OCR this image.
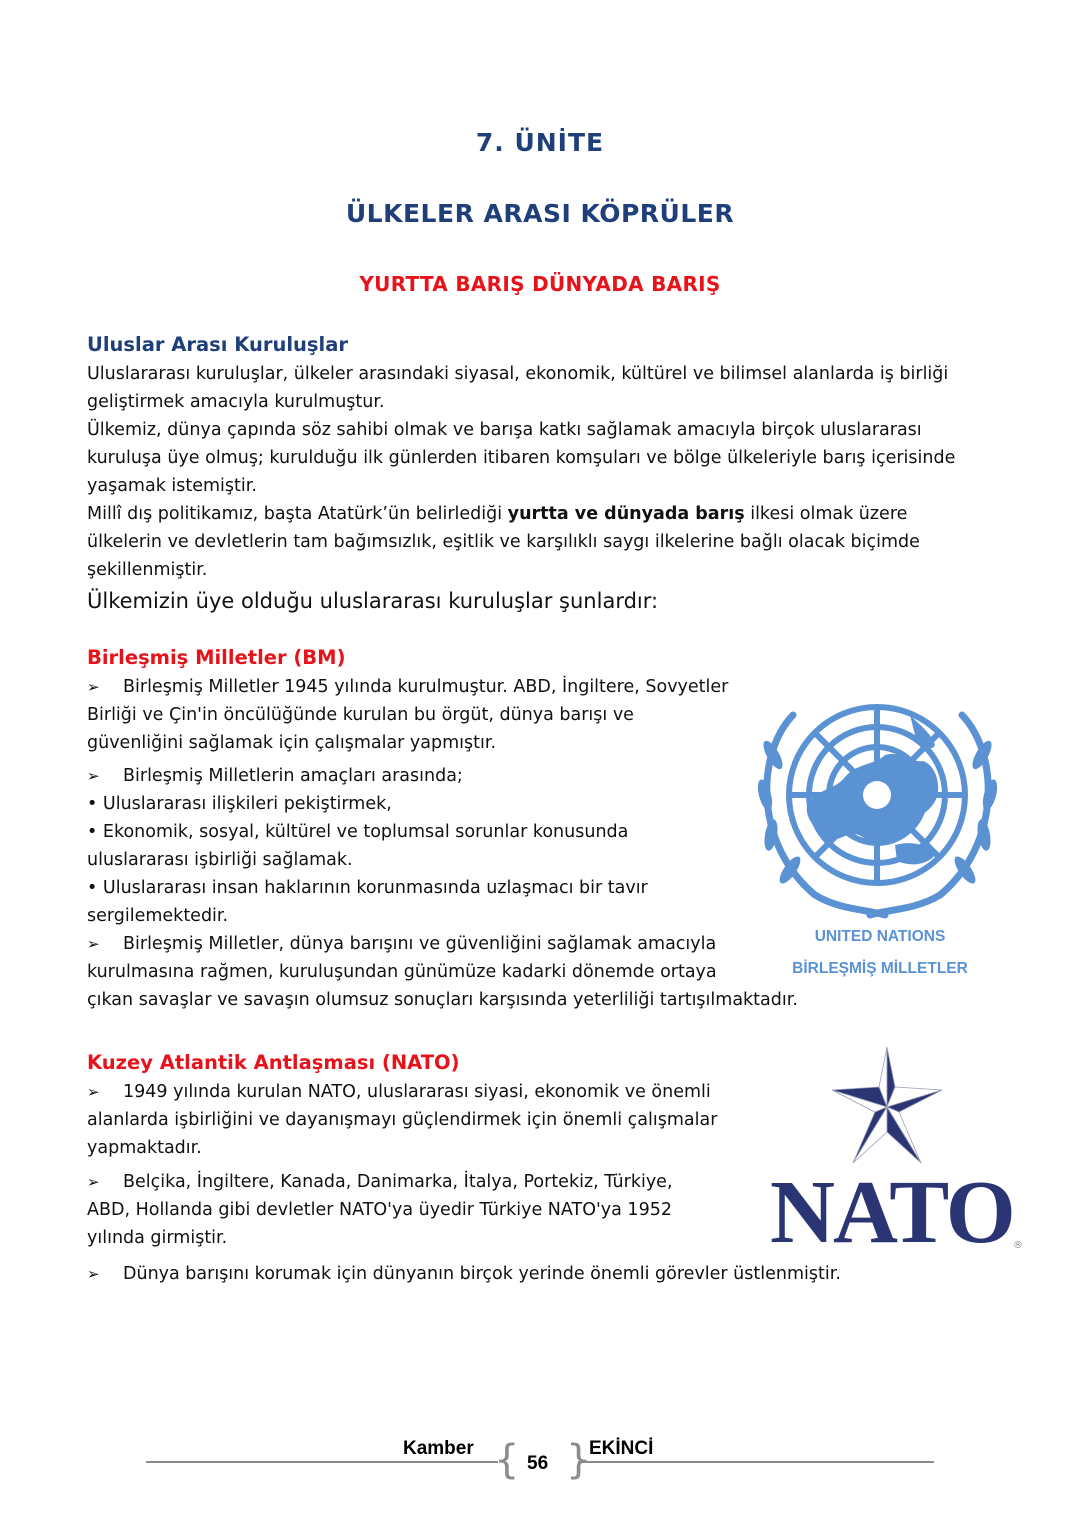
7. ÜNİTE
ÜLKELER ARASI KÖPRÜLER
YURTTA BARIŞ DÜNYADA BARIŞ
Uluslar Arası Kuruluşlar
Uluslararası kuruluşlar, ülkeler arasındaki siyasal, ekonomik, kültürel ve bilimsel alanlarda iş birliği
geliştirmek amacıyla kurulmuştur.
Ülkemiz, dünya çapında söz sahibi olmak ve barışa katkı sağlamak amacıyla birçok uluslararası
kuruluşa üye olmuş; kurulduğu ilk günlerden itibaren komşuları ve bölge ülkeleriyle barış içerisinde
yaşamak istemiştir.
Millî dış politikamız, başta Atatürk’ün belirlediği yurtta ve dünyada barış ilkesi olmak üzere
ülkelerin ve devletlerin tam bağımsızlık, eşitlik ve karşılıklı saygı ilkelerine bağlı olacak biçimde
şekillenmiştir.
Ülkemizin üye olduğu uluslararası kuruluşlar şunlardır:
Birleşmiş Milletler (BM)
➢ Birleşmiş Milletler 1945 yılında kurulmuştur. ABD, İngiltere, Sovyetler
Birliği ve Çin'in öncülüğünde kurulan bu örgüt, dünya barışı ve
güvenliğini sağlamak için çalışmalar yapmıştır.
➢ Birleşmiş Milletlerin amaçları arasında;
• Uluslararası ilişkileri pekiştirmek,
• Ekonomik, sosyal, kültürel ve toplumsal sorunlar konusunda
uluslararası işbirliği sağlamak.
• Uluslararası insan haklarının korunmasında uzlaşmacı bir tavır
sergilemektedir.
➢ Birleşmiş Milletler, dünya barışını ve güvenliğini sağlamak amacıyla
kurulmasına rağmen, kuruluşundan günümüze kadarki dönemde ortaya
çıkan savaşlar ve savaşın olumsuz sonuçları karşısında yeterliliği tartışılmaktadır.
UNITED NATIONS
BİRLEŞMİŞ MİLLETLER
Kuzey Atlantik Antlaşması (NATO)
➢ 1949 yılında kurulan NATO, uluslararası siyasi, ekonomik ve önemli
alanlarda işbirliğini ve dayanışmayı güçlendirmek için önemli çalışmalar
yapmaktadır.
➢ Belçika, İngiltere, Kanada, Danimarka, İtalya, Portekiz, Türkiye,
ABD, Hollanda gibi devletler NATO'ya üyedir Türkiye NATO'ya 1952
yılında girmiştir.
➢ Dünya barışını korumak için dünyanın birçok yerinde önemli görevler üstlenmiştir.
NATO ®
Kamber { 56 }
EKİNCİ
